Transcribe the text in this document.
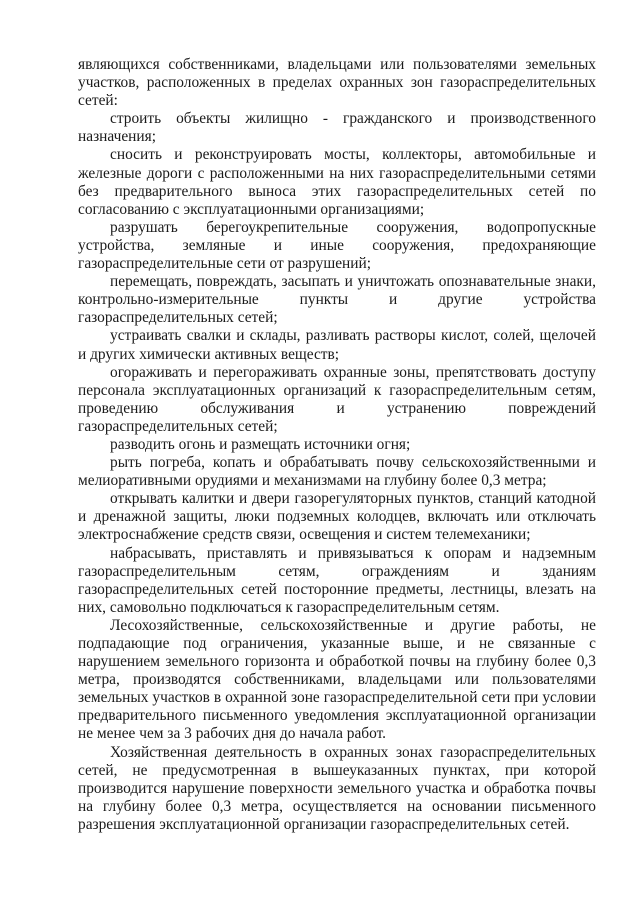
являющихся собственниками, владельцами или пользователями земельных участков, расположенных в пределах охранных зон газораспределительных сетей:

строить объекты жилищно - гражданского и производственного назначения;

сносить и реконструировать мосты, коллекторы, автомобильные и железные дороги с расположенными на них газораспределительными сетями без предварительного выноса этих газораспределительных сетей по согласованию с эксплуатационными организациями;

разрушать берегоукрепительные сооружения, водопропускные устройства, земляные и иные сооружения, предохраняющие газораспределительные сети от разрушений;

перемещать, повреждать, засыпать и уничтожать опознавательные знаки, контрольно-измерительные пункты и другие устройства газораспределительных сетей;

устраивать свалки и склады, разливать растворы кислот, солей, щелочей и других химически активных веществ;

огораживать и перегораживать охранные зоны, препятствовать доступу персонала эксплуатационных организаций к газораспределительным сетям, проведению обслуживания и устранению повреждений газораспределительных сетей;

разводить огонь и размещать источники огня;

рыть погреба, копать и обрабатывать почву сельскохозяйственными и мелиоративными орудиями и механизмами на глубину более 0,3 метра;

открывать калитки и двери газорегуляторных пунктов, станций катодной и дренажной защиты, люки подземных колодцев, включать или отключать электроснабжение средств связи, освещения и систем телемеханики;

набрасывать, приставлять и привязываться к опорам и надземным газораспределительным сетям, ограждениям и зданиям газораспределительных сетей посторонние предметы, лестницы, влезать на них, самовольно подключаться к газораспределительным сетям.

Лесохозяйственные, сельскохозяйственные и другие работы, не подпадающие под ограничения, указанные выше, и не связанные с нарушением земельного горизонта и обработкой почвы на глубину более 0,3 метра, производятся собственниками, владельцами или пользователями земельных участков в охранной зоне газораспределительной сети при условии предварительного письменного уведомления эксплуатационной организации не менее чем за 3 рабочих дня до начала работ.

Хозяйственная деятельность в охранных зонах газораспределительных сетей, не предусмотренная в вышеуказанных пунктах, при которой производится нарушение поверхности земельного участка и обработка почвы на глубину более 0,3 метра, осуществляется на основании письменного разрешения эксплуатационной организации газораспределительных сетей.
